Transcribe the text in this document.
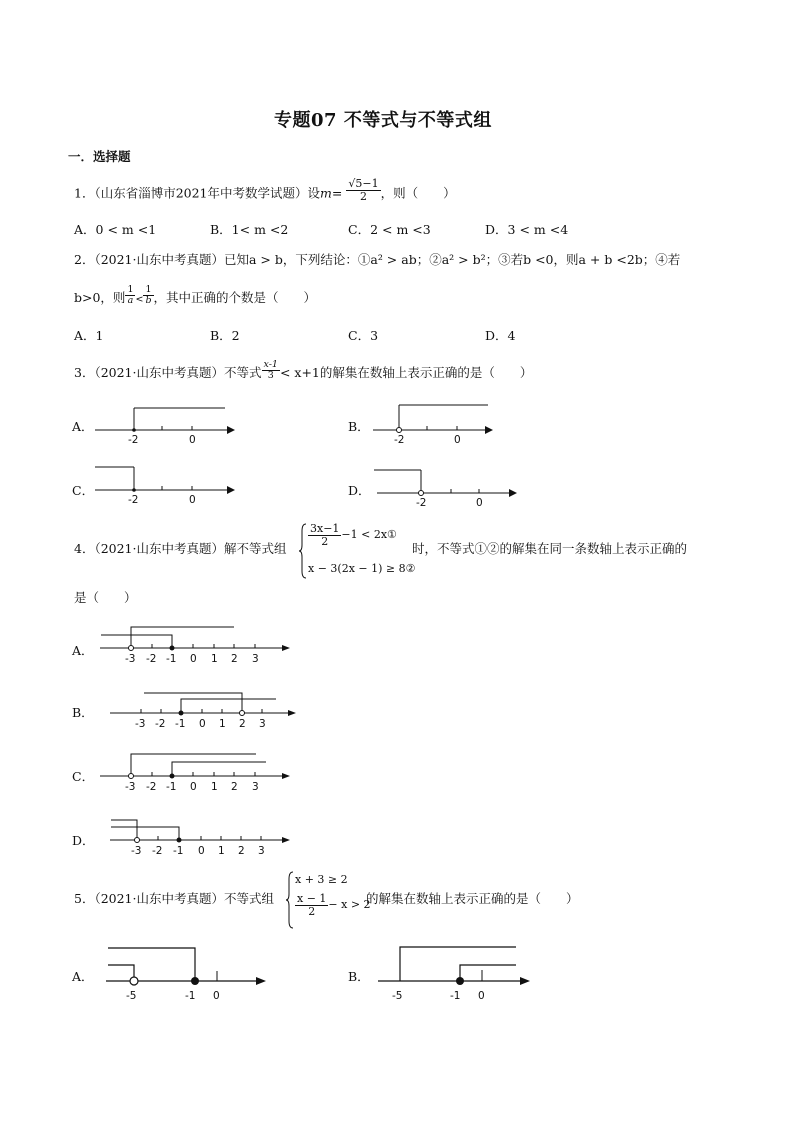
专题07 不等式与不等式组
一．选择题
1．（山东省淄博市2021年中考数学试题）设$m= \frac{√5-1}{2}$ ，则（　　）
A．0 < m <1	B．1< m <2	C．2 < m <3	D．3 < m <4
2．（2021·山东中考真题）已知a > b，下列结论：①a² > ab；②a² > b²；③若b <0，则a + b <2b；④若
b>0，则 $\frac{1}{a} < \frac{1}{b}$ ，其中正确的个数是（　　）
A．1	B．2	C．3	D．4
3．（2021·山东中考真题）不等式 $\frac{x-1}{3} < x+1$的解集在数轴上表示正确的是（　　）
A．	B．
C．	D．
-2	0	-2	0
-2	0	-2	0
4．（2021·山东中考真题）解不等式组
$\frac{3x-1}{2} -1$ < 2x①
x − 3(2x − 1) ≥ 8②
时，不等式①②的解集在同一条数轴上表示正确的
是（　　）
A．
B．
C．
D．
-3 -2 -1 0 1 2 3
-3 -2 -1 0 1 2 3
-3 -2 -1 0 1 2 3
-3 -2 -1 0 1 2 3
5．（2021·山东中考真题）不等式组
x + 3 ≥ 2
$\frac{x - 1}{2} - x > 2$
的解集在数轴上表示正确的是（　　）
A．	B．
-5	-1 0	-5	-1 0
